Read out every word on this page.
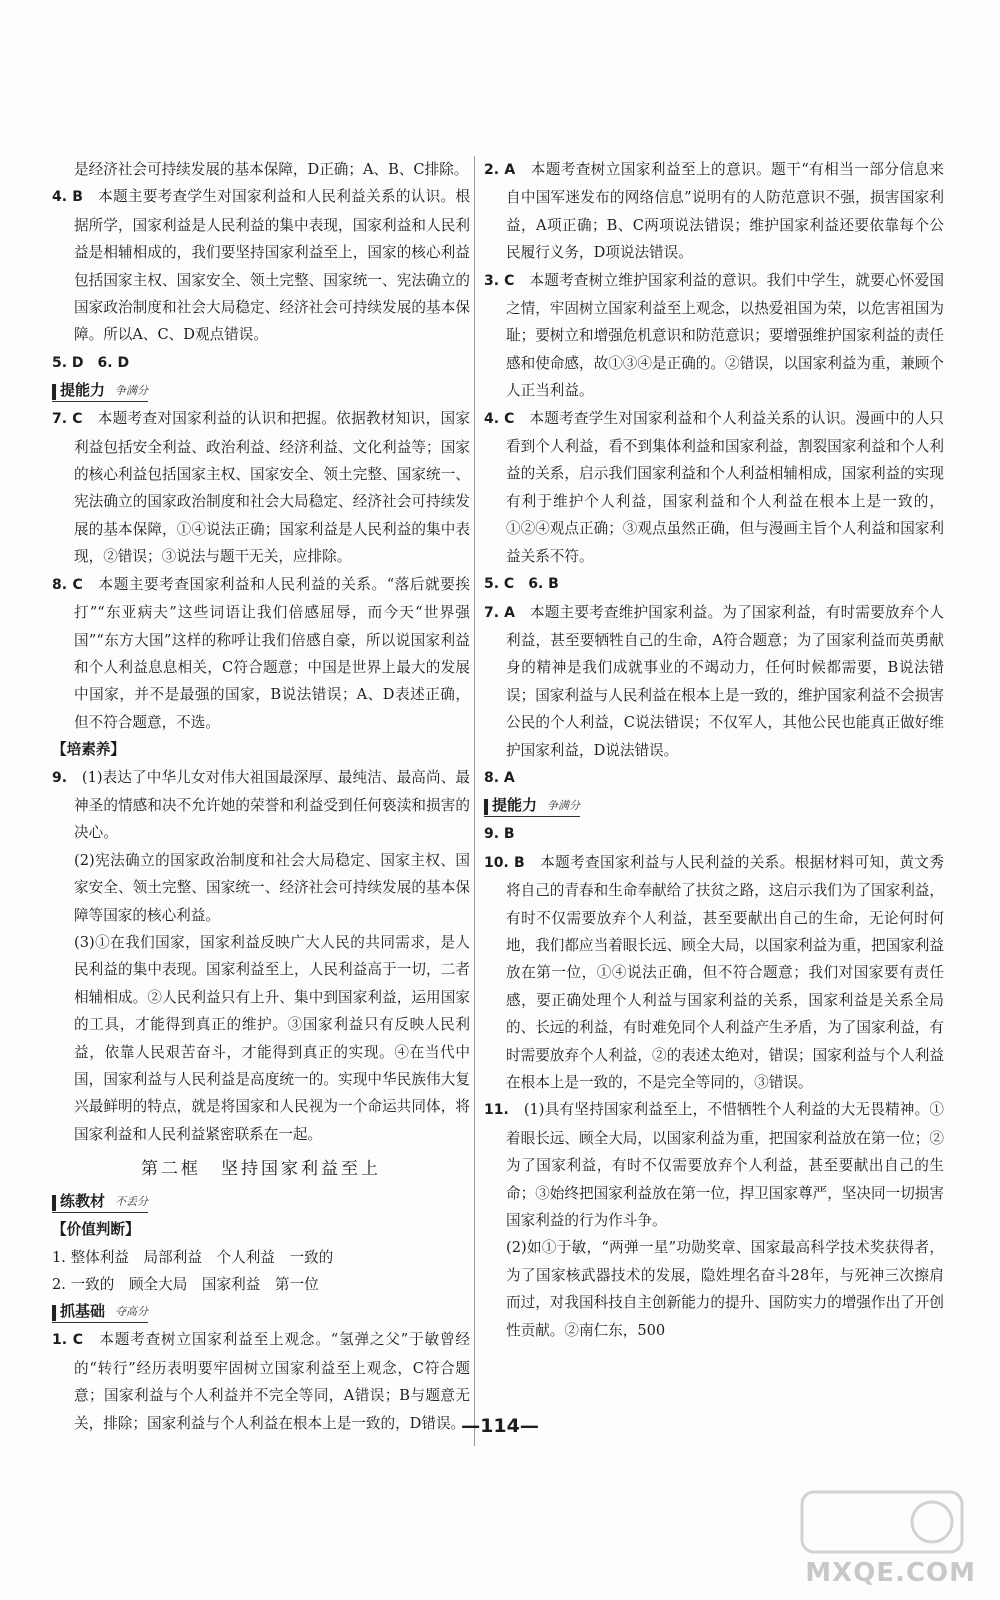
是经济社会可持续发展的基本保障，D正确；A、B、C排除。

4. B　 本题主要考查学生对国家利益和人民利益关系的认识。根据所学，国家利益是人民利益的集中表现，国家利益和人民利益是相辅相成的，我们要坚持国家利益至上，国家的核心利益包括国家主权、国家安全、领土完整、国家统一、宪法确立的国家政治制度和社会大局稳定、经济社会可持续发展的基本保障。所以A、C、D观点错误。

5. D　6. D

提能力 争满分

7. C　 本题考查对国家利益的认识和把握。依据教材知识，国家利益包括安全利益、政治利益、经济利益、文化利益等；国家的核心利益包括国家主权、国家安全、领土完整、国家统一、宪法确立的国家政治制度和社会大局稳定、经济社会可持续发展的基本保障，①④说法正确；国家利益是人民利益的集中表现，②错误；③说法与题干无关，应排除。

8. C　 本题主要考查国家利益和人民利益的关系。“落后就要挨打”“东亚病夫”这些词语让我们倍感屈辱，而今天“世界强国”“东方大国”这样的称呼让我们倍感自豪，所以说国家利益和个人利益息息相关，C符合题意；中国是世界上最大的发展中国家，并不是最强的国家，B说法错误；A、D表述正确，但不符合题意，不选。

【培素养】

9.　 (1)表达了中华儿女对伟大祖国最深厚、最纯洁、最高尚、最神圣的情感和决不允许她的荣誉和利益受到任何亵渎和损害的决心。

(2)宪法确立的国家政治制度和社会大局稳定、国家主权、国家安全、领土完整、国家统一、经济社会可持续发展的基本保障等国家的核心利益。

(3)①在我们国家，国家利益反映广大人民的共同需求，是人民利益的集中表现。国家利益至上，人民利益高于一切，二者相辅相成。②人民利益只有上升、集中到国家利益，运用国家的工具，才能得到真正的维护。③国家利益只有反映人民利益，依靠人民艰苦奋斗，才能得到真正的实现。④在当代中国，国家利益与人民利益是高度统一的。实现中华民族伟大复兴最鲜明的特点，就是将国家和人民视为一个命运共同体，将国家利益和人民利益紧密联系在一起。

第二框　坚持国家利益至上
练教材 不丢分

【价值判断】

1. 整体利益　局部利益　个人利益　一致的

2. 一致的　顾全大局　国家利益　第一位

抓基础 夺高分

1. C　 本题考查树立国家利益至上观念。“氢弹之父”于敏曾经的“转行”经历表明要牢固树立国家利益至上观念，C符合题意；国家利益与个人利益并不完全等同，A错误；B与题意无关，排除；国家利益与个人利益在根本上是一致的，D错误。

2. A　 本题考查树立国家利益至上的意识。题干“有相当一部分信息来自中国军迷发布的网络信息”说明有的人防范意识不强，损害国家利益，A项正确；B、C两项说法错误；维护国家利益还要依靠每个公民履行义务，D项说法错误。

3. C　 本题考查树立维护国家利益的意识。我们中学生，就要心怀爱国之情，牢固树立国家利益至上观念，以热爱祖国为荣，以危害祖国为耻；要树立和增强危机意识和防范意识；要增强维护国家利益的责任感和使命感，故①③④是正确的。②错误，以国家利益为重，兼顾个人正当利益。

4. C　 本题考查学生对国家利益和个人利益关系的认识。漫画中的人只看到个人利益，看不到集体利益和国家利益，割裂国家利益和个人利益的关系，启示我们国家利益和个人利益相辅相成，国家利益的实现有利于维护个人利益，国家利益和个人利益在根本上是一致的，①②④观点正确；③观点虽然正确，但与漫画主旨个人利益和国家利益关系不符。

5. C　6. B

7. A　 本题主要考查维护国家利益。为了国家利益，有时需要放弃个人利益，甚至要牺牲自己的生命，A符合题意；为了国家利益而英勇献身的精神是我们成就事业的不竭动力，任何时候都需要，B说法错误；国家利益与人民利益在根本上是一致的，维护国家利益不会损害公民的个人利益，C说法错误；不仅军人，其他公民也能真正做好维护国家利益，D说法错误。

8. A

提能力 争满分

9. B

10. B　 本题考查国家利益与人民利益的关系。根据材料可知，黄文秀将自己的青春和生命奉献给了扶贫之路，这启示我们为了国家利益，有时不仅需要放弃个人利益，甚至要献出自己的生命，无论何时何地，我们都应当着眼长远、顾全大局，以国家利益为重，把国家利益放在第一位，①④说法正确，但不符合题意；我们对国家要有责任感，要正确处理个人利益与国家利益的关系，国家利益是关系全局的、长远的利益，有时难免同个人利益产生矛盾，为了国家利益，有时需要放弃个人利益，②的表述太绝对，错误；国家利益与个人利益在根本上是一致的，不是完全等同的，③错误。

11.　 (1)具有坚持国家利益至上，不惜牺牲个人利益的大无畏精神。①着眼长远、顾全大局，以国家利益为重，把国家利益放在第一位；②为了国家利益，有时不仅需要放弃个人利益，甚至要献出自己的生命；③始终把国家利益放在第一位，捍卫国家尊严，坚决同一切损害国家利益的行为作斗争。

(2)如①于敏，“两弹一星”功勋奖章、国家最高科学技术奖获得者，为了国家核武器技术的发展，隐姓埋名奋斗28年，与死神三次擦肩而过，对我国科技自主创新能力的提升、国防实力的增强作出了开创性贡献。②南仁东，500

—114—
MXQE.COM
